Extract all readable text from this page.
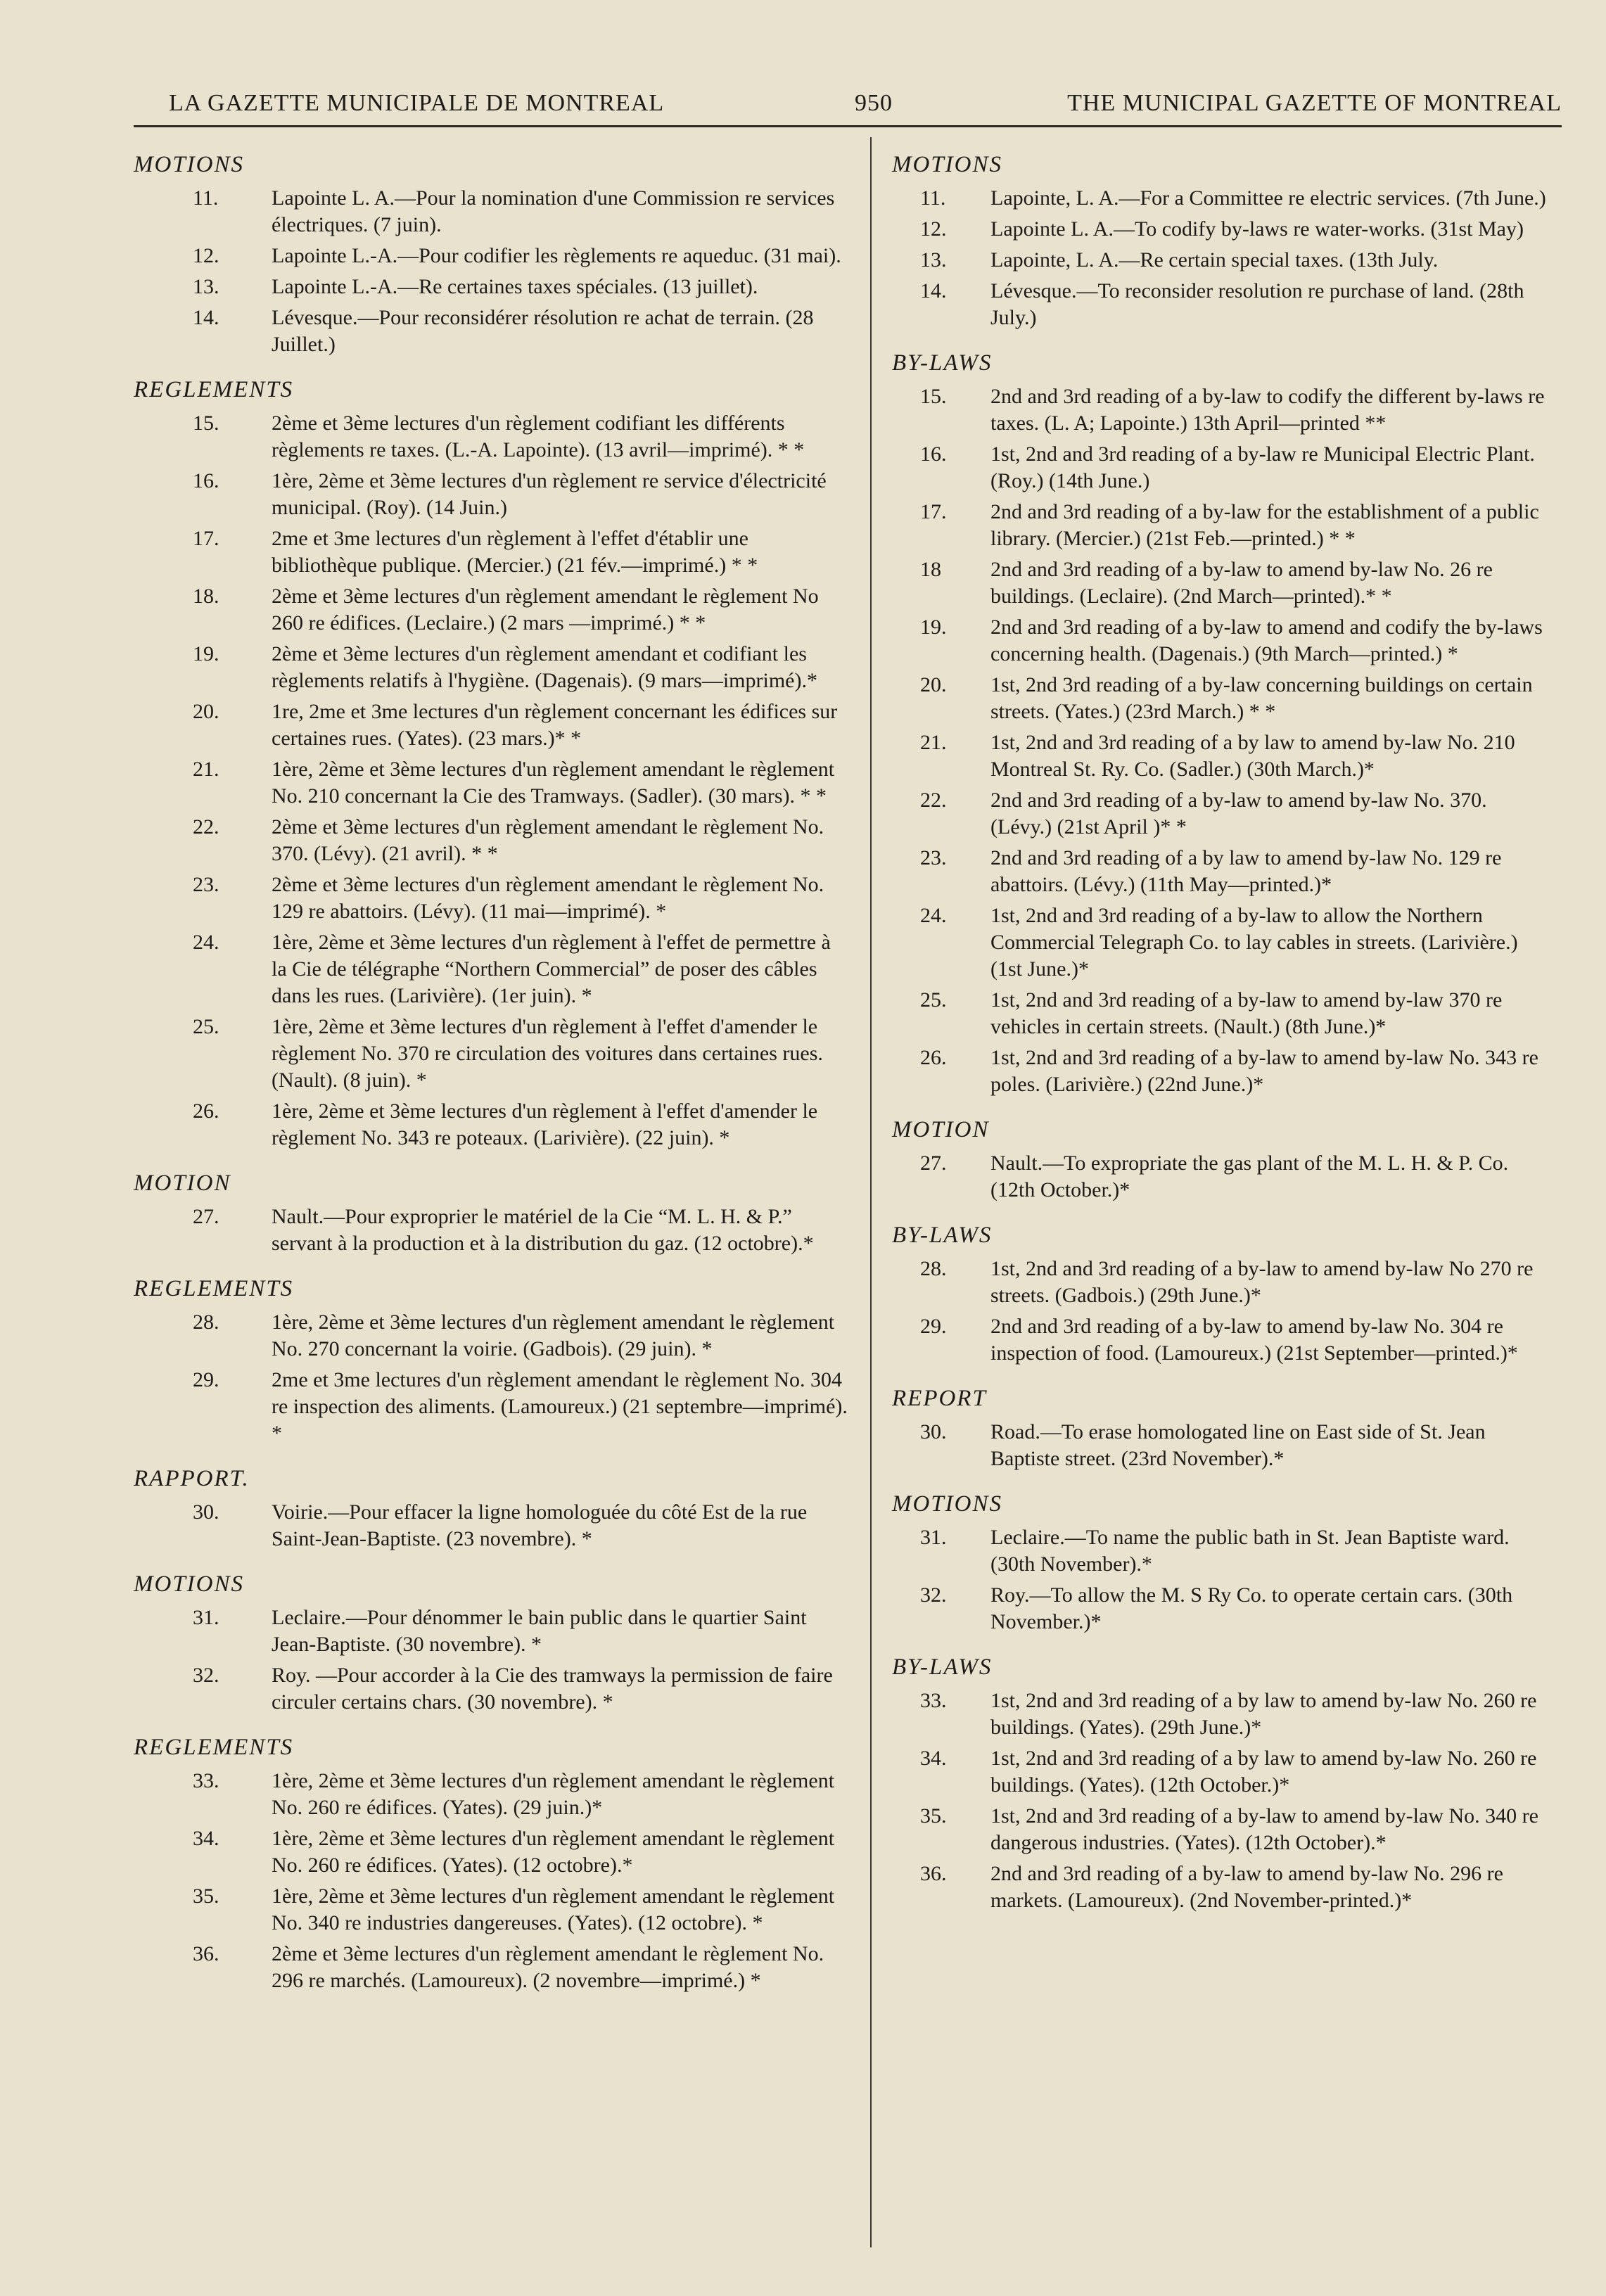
LA GAZETTE MUNICIPALE DE MONTREAL	950	THE MUNICIPAL GAZETTE OF MONTREAL
MOTIONS
11.	Lapointe L. A.—Pour la nomination d'une Commission re services électriques. (7 juin).
12. Lapointe L.-A.—Pour codifier les règlements re aqueduc. (31 mai).
13. Lapointe L.-A.—Re certaines taxes spéciales. (13 juillet).
14. Lévesque.—Pour reconsidérer résolution re achat de terrain. (28 Juillet.)
REGLEMENTS
15. 2ème et 3ème lectures d'un règlement codifiant les différents règlements re taxes. (L.-A. Lapointe). (13 avril—imprimé). * *
16. 1ère, 2ème et 3ème lectures d'un règlement re service d'électricité municipal. (Roy). (14 Juin.)
17. 2me et 3me lectures d'un règlement à l'effet d'établir une bibliothèque publique. (Mercier.) (21 fév.—imprimé.) * *
18. 2ème et 3ème lectures d'un règlement amendant le règlement No 260 re édifices. (Leclaire.) (2 mars —imprimé.) * *
19. 2ème et 3ème lectures d'un règlement amendant et codifiant les règlements relatifs à l'hygiène. (Dagenais). (9 mars—imprimé).*
20. 1re, 2me et 3me lectures d'un règlement concernant les édifices sur certaines rues. (Yates). (23 mars.)* *
21. 1ère, 2ème et 3ème lectures d'un règlement amendant le règlement No. 210 concernant la Cie des Tramways. (Sadler). (30 mars). * *
22. 2ème et 3ème lectures d'un règlement amendant le règlement No. 370. (Lévy). (21 avril). * *
23. 2ème et 3ème lectures d'un règlement amendant le règlement No. 129 re abattoirs. (Lévy). (11 mai—imprimé). *
24. 1ère, 2ème et 3ème lectures d'un règlement à l'effet de permettre à la Cie de télégraphe “Northern Commercial” de poser des câbles dans les rues. (Larivière). (1er juin). *
25. 1ère, 2ème et 3ème lectures d'un règlement à l'effet d'amender le règlement No. 370 re circulation des voitures dans certaines rues. (Nault). (8 juin). *
26. 1ère, 2ème et 3ème lectures d'un règlement à l'effet d'amender le règlement No. 343 re poteaux. (Larivière). (22 juin). *
MOTION
27. Nault.—Pour exproprier le matériel de la Cie “M. L. H. & P.” servant à la production et à la distribution du gaz. (12 octobre).*
REGLEMENTS
28. 1ère, 2ème et 3ème lectures d'un règlement amendant le règlement No. 270 concernant la voirie. (Gadbois). (29 juin). *
29. 2me et 3me lectures d'un règlement amendant le règlement No. 304 re inspection des aliments. (Lamoureux.) (21 septembre—imprimé). *
RAPPORT.
30. Voirie.—Pour effacer la ligne homologuée du côté Est de la rue Saint-Jean-Baptiste. (23 novembre). *
MOTIONS
31. Leclaire.—Pour dénommer le bain public dans le quartier Saint Jean-Baptiste. (30 novembre). *
32. Roy. —Pour accorder à la Cie des tramways la permission de faire circuler certains chars. (30 novembre). *
REGLEMENTS
33. 1ère, 2ème et 3ème lectures d'un règlement amendant le règlement No. 260 re édifices. (Yates). (29 juin.)*
34. 1ère, 2ème et 3ème lectures d'un règlement amendant le règlement No. 260 re édifices. (Yates). (12 octobre).*
35. 1ère, 2ème et 3ème lectures d'un règlement amendant le règlement No. 340 re industries dangereuses. (Yates). (12 octobre). *
36. 2ème et 3ème lectures d'un règlement amendant le règlement No. 296 re marchés. (Lamoureux). (2 novembre—imprimé.) *
MOTIONS
11. Lapointe, L. A.—For a Committee re electric services. (7th June.)
12. Lapointe L. A.—To codify by-laws re water-works. (31st May)
13. Lapointe, L. A.—Re certain special taxes. (13th July.
14. Lévesque.—To reconsider resolution re purchase of land. (28th July.)
BY-LAWS
15. 2nd and 3rd reading of a by-law to codify the different by-laws re taxes. (L. A; Lapointe.) 13th April—printed **
16. 1st, 2nd and 3rd reading of a by-law re Municipal Electric Plant. (Roy.) (14th June.)
17. 2nd and 3rd reading of a by-law for the establishment of a public library. (Mercier.) (21st Feb.—printed.) * *
18 2nd and 3rd reading of a by-law to amend by-law No. 26 re buildings. (Leclaire). (2nd March—printed).* *
19. 2nd and 3rd reading of a by-law to amend and codify the by-laws concerning health. (Dagenais.) (9th March—printed.) *
20. 1st, 2nd 3rd reading of a by-law concerning buildings on certain streets. (Yates.) (23rd March.) * *
21. 1st, 2nd and 3rd reading of a by law to amend by-law No. 210 Montreal St. Ry. Co. (Sadler.) (30th March.)*
22. 2nd and 3rd reading of a by-law to amend by-law No. 370. (Lévy.) (21st April )* *
23. 2nd and 3rd reading of a by law to amend by-law No. 129 re abattoirs. (Lévy.) (11th May—printed.)*
24. 1st, 2nd and 3rd reading of a by-law to allow the Northern Commercial Telegraph Co. to lay cables in streets. (Larivière.) (1st June.)*
25. 1st, 2nd and 3rd reading of a by-law to amend by-law 370 re vehicles in certain streets. (Nault.) (8th June.)*
26. 1st, 2nd and 3rd reading of a by-law to amend by-law No. 343 re poles. (Larivière.) (22nd June.)*
MOTION
27. Nault.—To expropriate the gas plant of the M. L. H. & P. Co. (12th October.)*
BY-LAWS
28. 1st, 2nd and 3rd reading of a by-law to amend by-law No 270 re streets. (Gadbois.) (29th June.)*
29. 2nd and 3rd reading of a by-law to amend by-law No. 304 re inspection of food. (Lamoureux.) (21st September—printed.)*
REPORT
30. Road.—To erase homologated line on East side of St. Jean Baptiste street. (23rd November).*
MOTIONS
31. Leclaire.—To name the public bath in St. Jean Baptiste ward. (30th November).*
32. Roy.—To allow the M. S Ry Co. to operate certain cars. (30th November.)*
BY-LAWS
33. 1st, 2nd and 3rd reading of a by law to amend by-law No. 260 re buildings. (Yates). (29th June.)*
34. 1st, 2nd and 3rd reading of a by law to amend by-law No. 260 re buildings. (Yates). (12th October.)*
35. 1st, 2nd and 3rd reading of a by-law to amend by-law No. 340 re dangerous industries. (Yates). (12th October).*
36. 2nd and 3rd reading of a by-law to amend by-law No. 296 re markets. (Lamoureux). (2nd November-printed.)*
